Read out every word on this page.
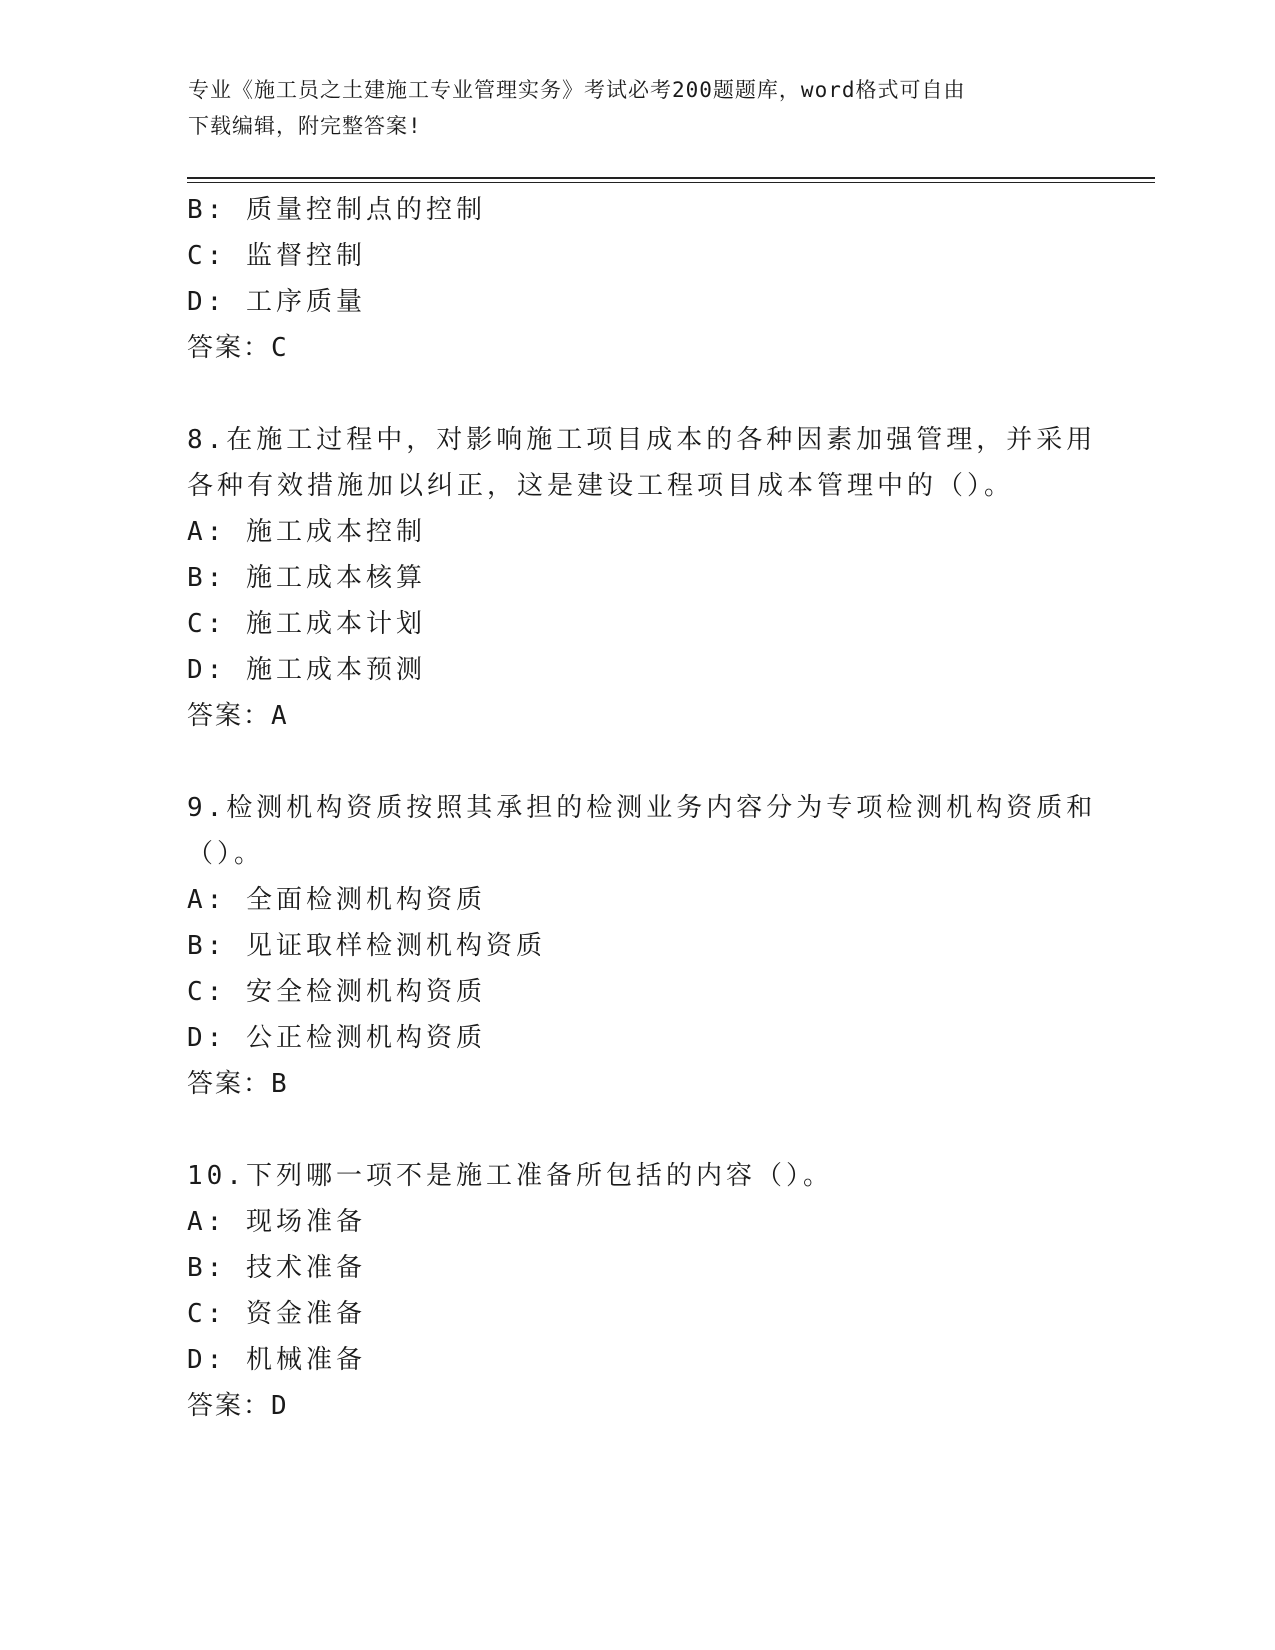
专业《施工员之土建施工专业管理实务》考试必考200题题库，word格式可自由
下载编辑，附完整答案!
B: 质量控制点的控制
C: 监督控制
D: 工序质量
答案：C
8.在施工过程中，对影响施工项目成本的各种因素加强管理，并采用
各种有效措施加以纠正，这是建设工程项目成本管理中的（）。
A: 施工成本控制
B: 施工成本核算
C: 施工成本计划
D: 施工成本预测
答案：A
9.检测机构资质按照其承担的检测业务内容分为专项检测机构资质和
（）。
A: 全面检测机构资质
B: 见证取样检测机构资质
C: 安全检测机构资质
D: 公正检测机构资质
答案：B
10.下列哪一项不是施工准备所包括的内容（）。
A: 现场准备
B: 技术准备
C: 资金准备
D: 机械准备
答案：D
